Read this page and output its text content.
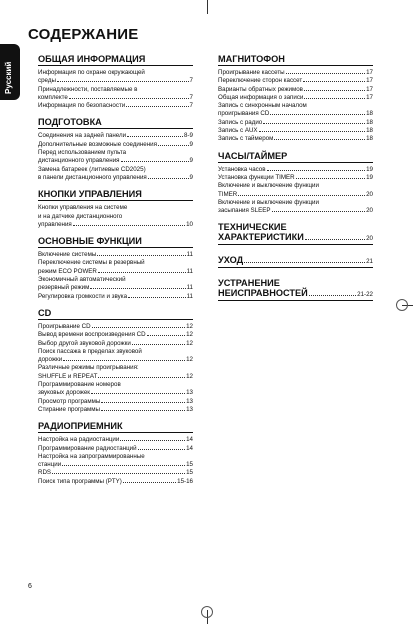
Русский
СОДЕРЖАНИЕ
ОБЩАЯ ИНФОРМАЦИЯ
Информация по охране окружающей
среды	7
Принадлежности, поставляемые в
комплекте	7
Информация по безопасности	7
ПОДГОТОВКА
Соединения на задней панели	8-9
Дополнительные возможные соединения	9
Перед использованием пульта
дистанционного управления	9
Замена батареек (литиевые CD2025)
в панели дистанционного управления	9
КНОПКИ УПРАВЛЕНИЯ
Кнопки управления на системе
и на датчике дистанционного
управления	10
ОСНОВНЫЕ ФУНКЦИИ
Включение системы	11
Переключение системы в резервный
режим ECO POWER	11
Экономичный автоматический
резервный режим	11
Регулировка громкости и звука	11
CD
Проигрывание CD	12
Вывод времени воспроизведения CD	12
Выбор другой звуковой дорожки	12
Поиск пассажа в пределах звуковой
дорожки	12
Различные режимы проигрывания:
SHUFFLE и REPEAT	12
Программирование номеров
звуковых дорожек	13
Просмотр программы	13
Стирание программы	13
РАДИОПРИЕМНИК
Настройка на радиостанции	14
Программирование радиостанций	14
Настройка на запрограммированные
станции	15
RDS	15
Поиск типа программы (PTY)	15-16
МАГНИТОФОН
Проигрывание кассеты	17
Переключение сторон кассет	17
Варианты обратных режимов	17
Общая информация о записи	17
Запись с синхронным началом
проигрывания CD	18
Запись с радио	18
Запись с AUX	18
Запись с таймером	18
ЧАСЫ/ТАЙМЕР
Установка часов	19
Установка функции TIMER	19
Включение и выключение функции
TIMER	20
Включение и выключение функции
засыпания SLEEP	20
ТЕХНИЧЕСКИЕ
ХАРАКТЕРИСТИКИ	20
УХОД	21
УСТРАНЕНИЕ
НЕИСПРАВНОСТЕЙ	21-22
6
